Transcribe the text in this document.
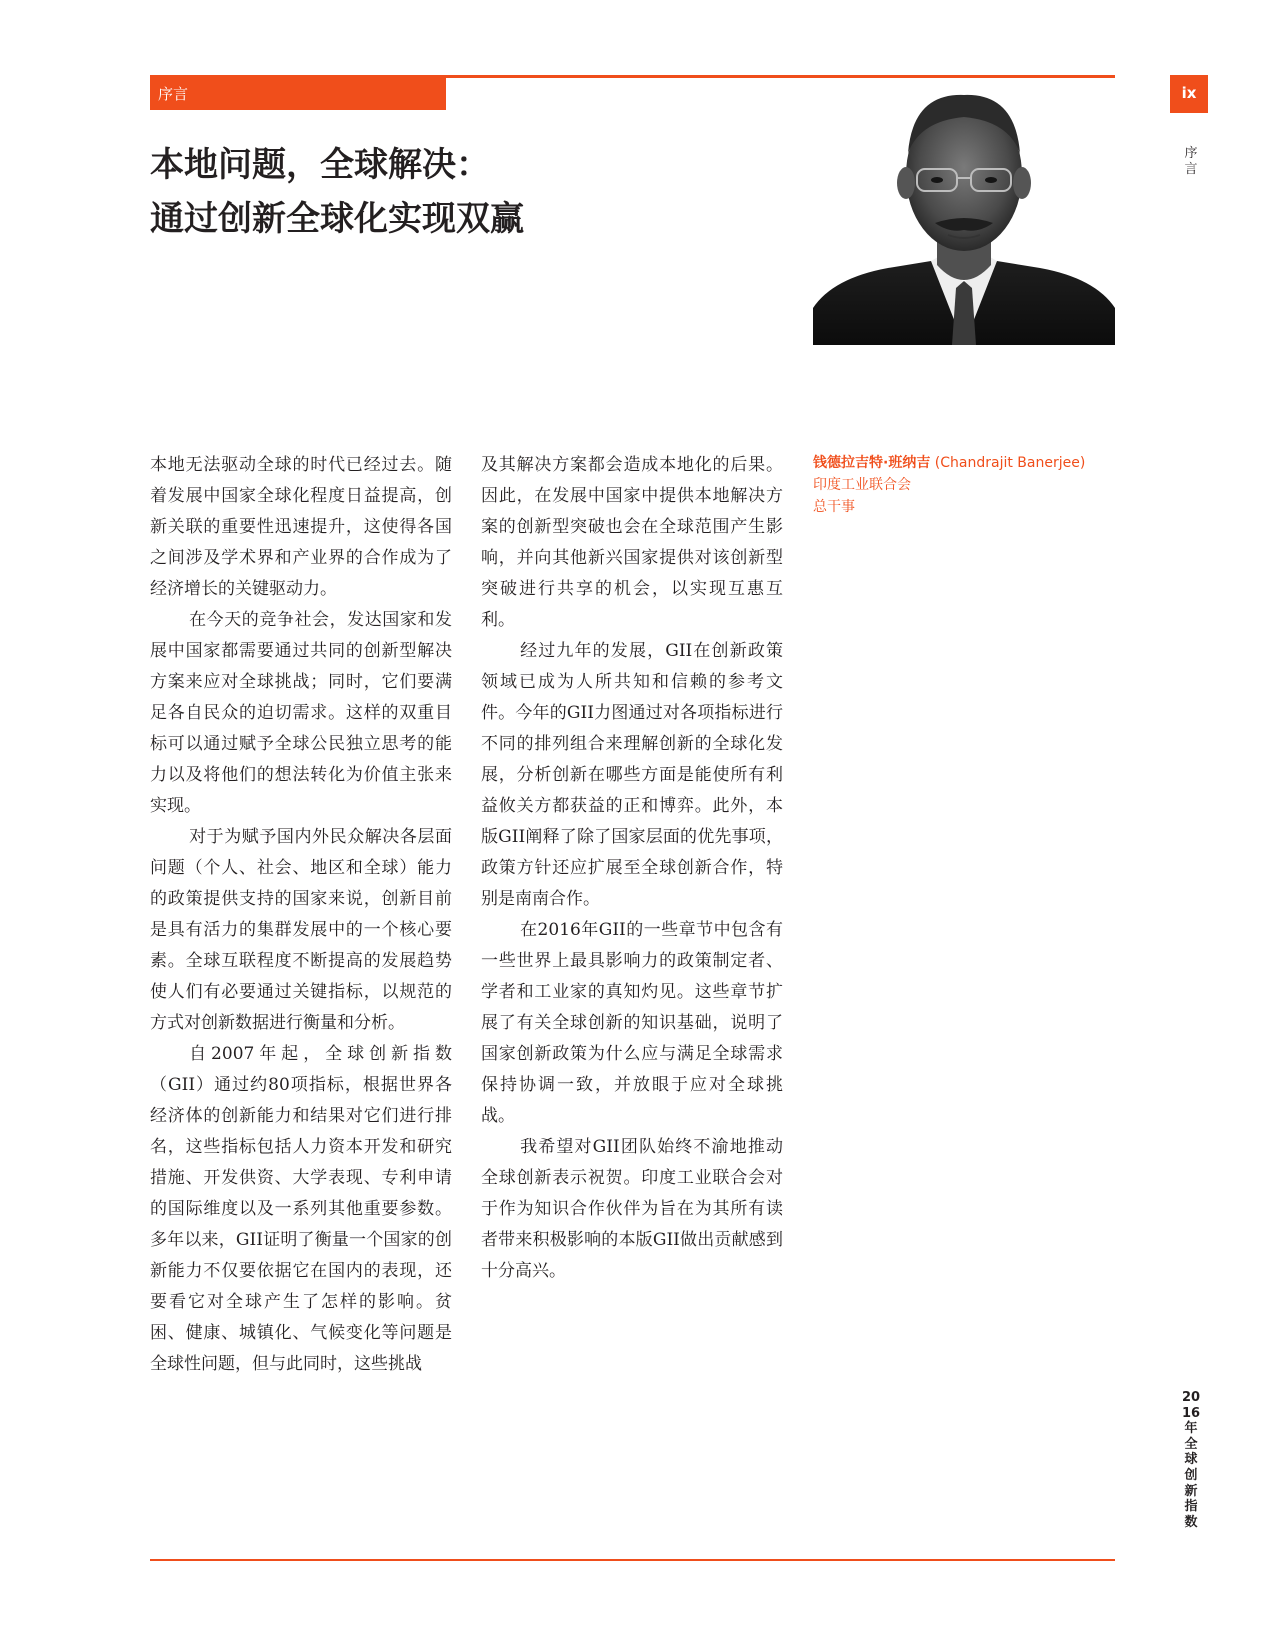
序言	ix
序言
2016年全球创新指数
本地问题，全球解决：
通过创新全球化实现双赢
钱德拉吉特·班纳吉 (Chandrajit Banerjee)
印度工业联合会
总干事

本地无法驱动全球的时代已经过去。随着发展中国家全球化程度日益提高，创新关联的重要性迅速提升，这使得各国之间涉及学术界和产业界的合作成为了经济增长的关键驱动力。

在今天的竞争社会，发达国家和发展中国家都需要通过共同的创新型解决方案来应对全球挑战；同时，它们要满足各自民众的迫切需求。这样的双重目标可以通过赋予全球公民独立思考的能力以及将他们的想法转化为价值主张来实现。

对于为赋予国内外民众解决各层面问题（个人、社会、地区和全球）能力的政策提供支持的国家来说，创新目前是具有活力的集群发展中的一个核心要素。全球互联程度不断提高的发展趋势使人们有必要通过关键指标，以规范的方式对创新数据进行衡量和分析。

自2007年起，全球创新指数（GII）通过约80项指标，根据世界各经济体的创新能力和结果对它们进行排名，这些指标包括人力资本开发和研究措施、开发供资、大学表现、专利申请的国际维度以及一系列其他重要参数。多年以来，GII证明了衡量一个国家的创新能力不仅要依据它在国内的表现，还要看它对全球产生了怎样的影响。贫困、健康、城镇化、气候变化等问题是全球性问题，但与此同时，这些挑战

及其解决方案都会造成本地化的后果。因此，在发展中国家中提供本地解决方案的创新型突破也会在全球范围产生影响，并向其他新兴国家提供对该创新型突破进行共享的机会，以实现互惠互利。

经过九年的发展，GII在创新政策领域已成为人所共知和信赖的参考文件。今年的GII力图通过对各项指标进行不同的排列组合来理解创新的全球化发展，分析创新在哪些方面是能使所有利益攸关方都获益的正和博弈。此外，本版GII阐释了除了国家层面的优先事项，政策方针还应扩展至全球创新合作，特别是南南合作。

在2016年GII的一些章节中包含有一些世界上最具影响力的政策制定者、学者和工业家的真知灼见。这些章节扩展了有关全球创新的知识基础，说明了国家创新政策为什么应与满足全球需求保持协调一致，并放眼于应对全球挑战。

我希望对GII团队始终不渝地推动全球创新表示祝贺。印度工业联合会对于作为知识合作伙伴为旨在为其所有读者带来积极影响的本版GII做出贡献感到十分高兴。
